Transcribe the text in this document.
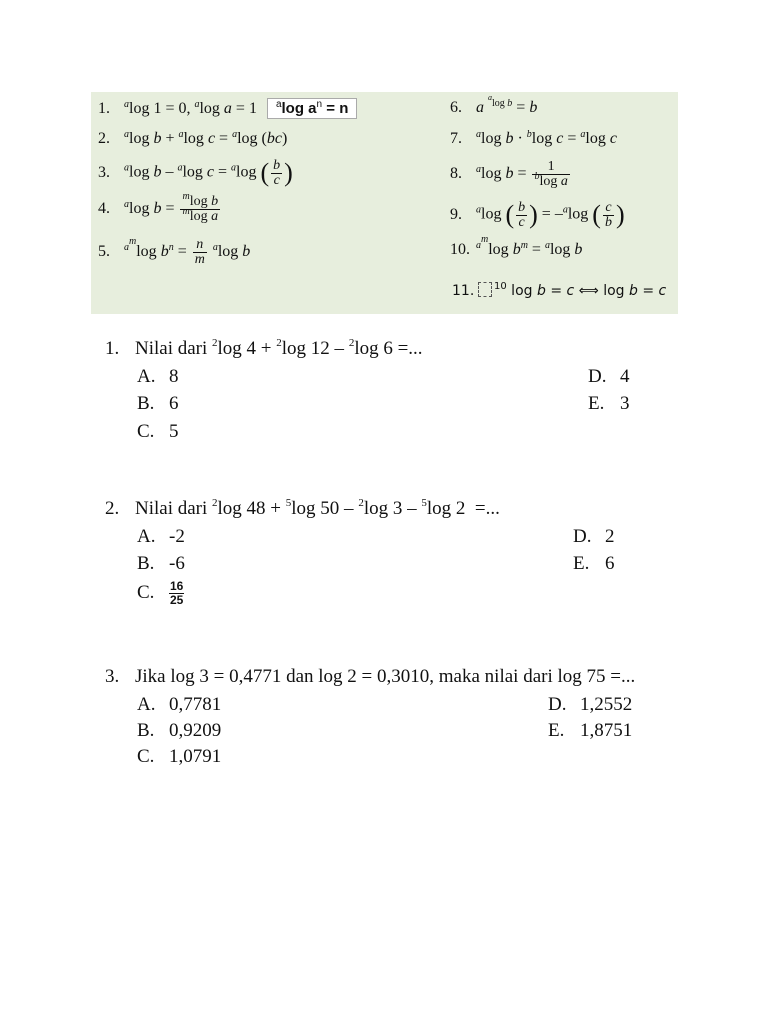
1. $^a$log 1 = 0, $^a$log a = 1 $^a$log $a^n = n$
2. $^a$log b + $^a$log c = $^a$log (bc)
3. $^a$log b – $^a$log c = $^a$log ( $\frac{b}{c}$ )
4. $^a$log $b = \frac{^m\log b}{^m\log a}$
5. $^{a^m}$log $b^n = \frac{n}{m} ^a\log$ b
6. a $^{^alog b}$ = b
7. $^a$log b · $^b$log c = $^a$log c
8. $^a$log $b = \frac{1}{^b\log a}$
9. $^a$log ( $\frac{b}{c}$ ) = –$^a$log ( $\frac{c}{b}$ )
10. $^{a^m}$log $b^m = ^a\log$ b
11. $^{10}$ log b = c ⟺ log b = c
1. Nilai dari $^2$log 4 + $^2$log 12 – $^2$log 6 =...
A. 8
B. 6
C. 5
D. 4
E. 3
2. Nilai dari $^2$log 48 + $^5$log 50 – $^2$log 3 – $^5$log 2  =...
A. -2
B. -6
C. $\frac{16}{25}$
D. 2
E. 6
3. Jika log 3 = 0,4771 dan log 2 = 0,3010, maka nilai dari log 75 =...
A. 0,7781
B. 0,9209
C. 1,0791
D. 1,2552
E. 1,8751
